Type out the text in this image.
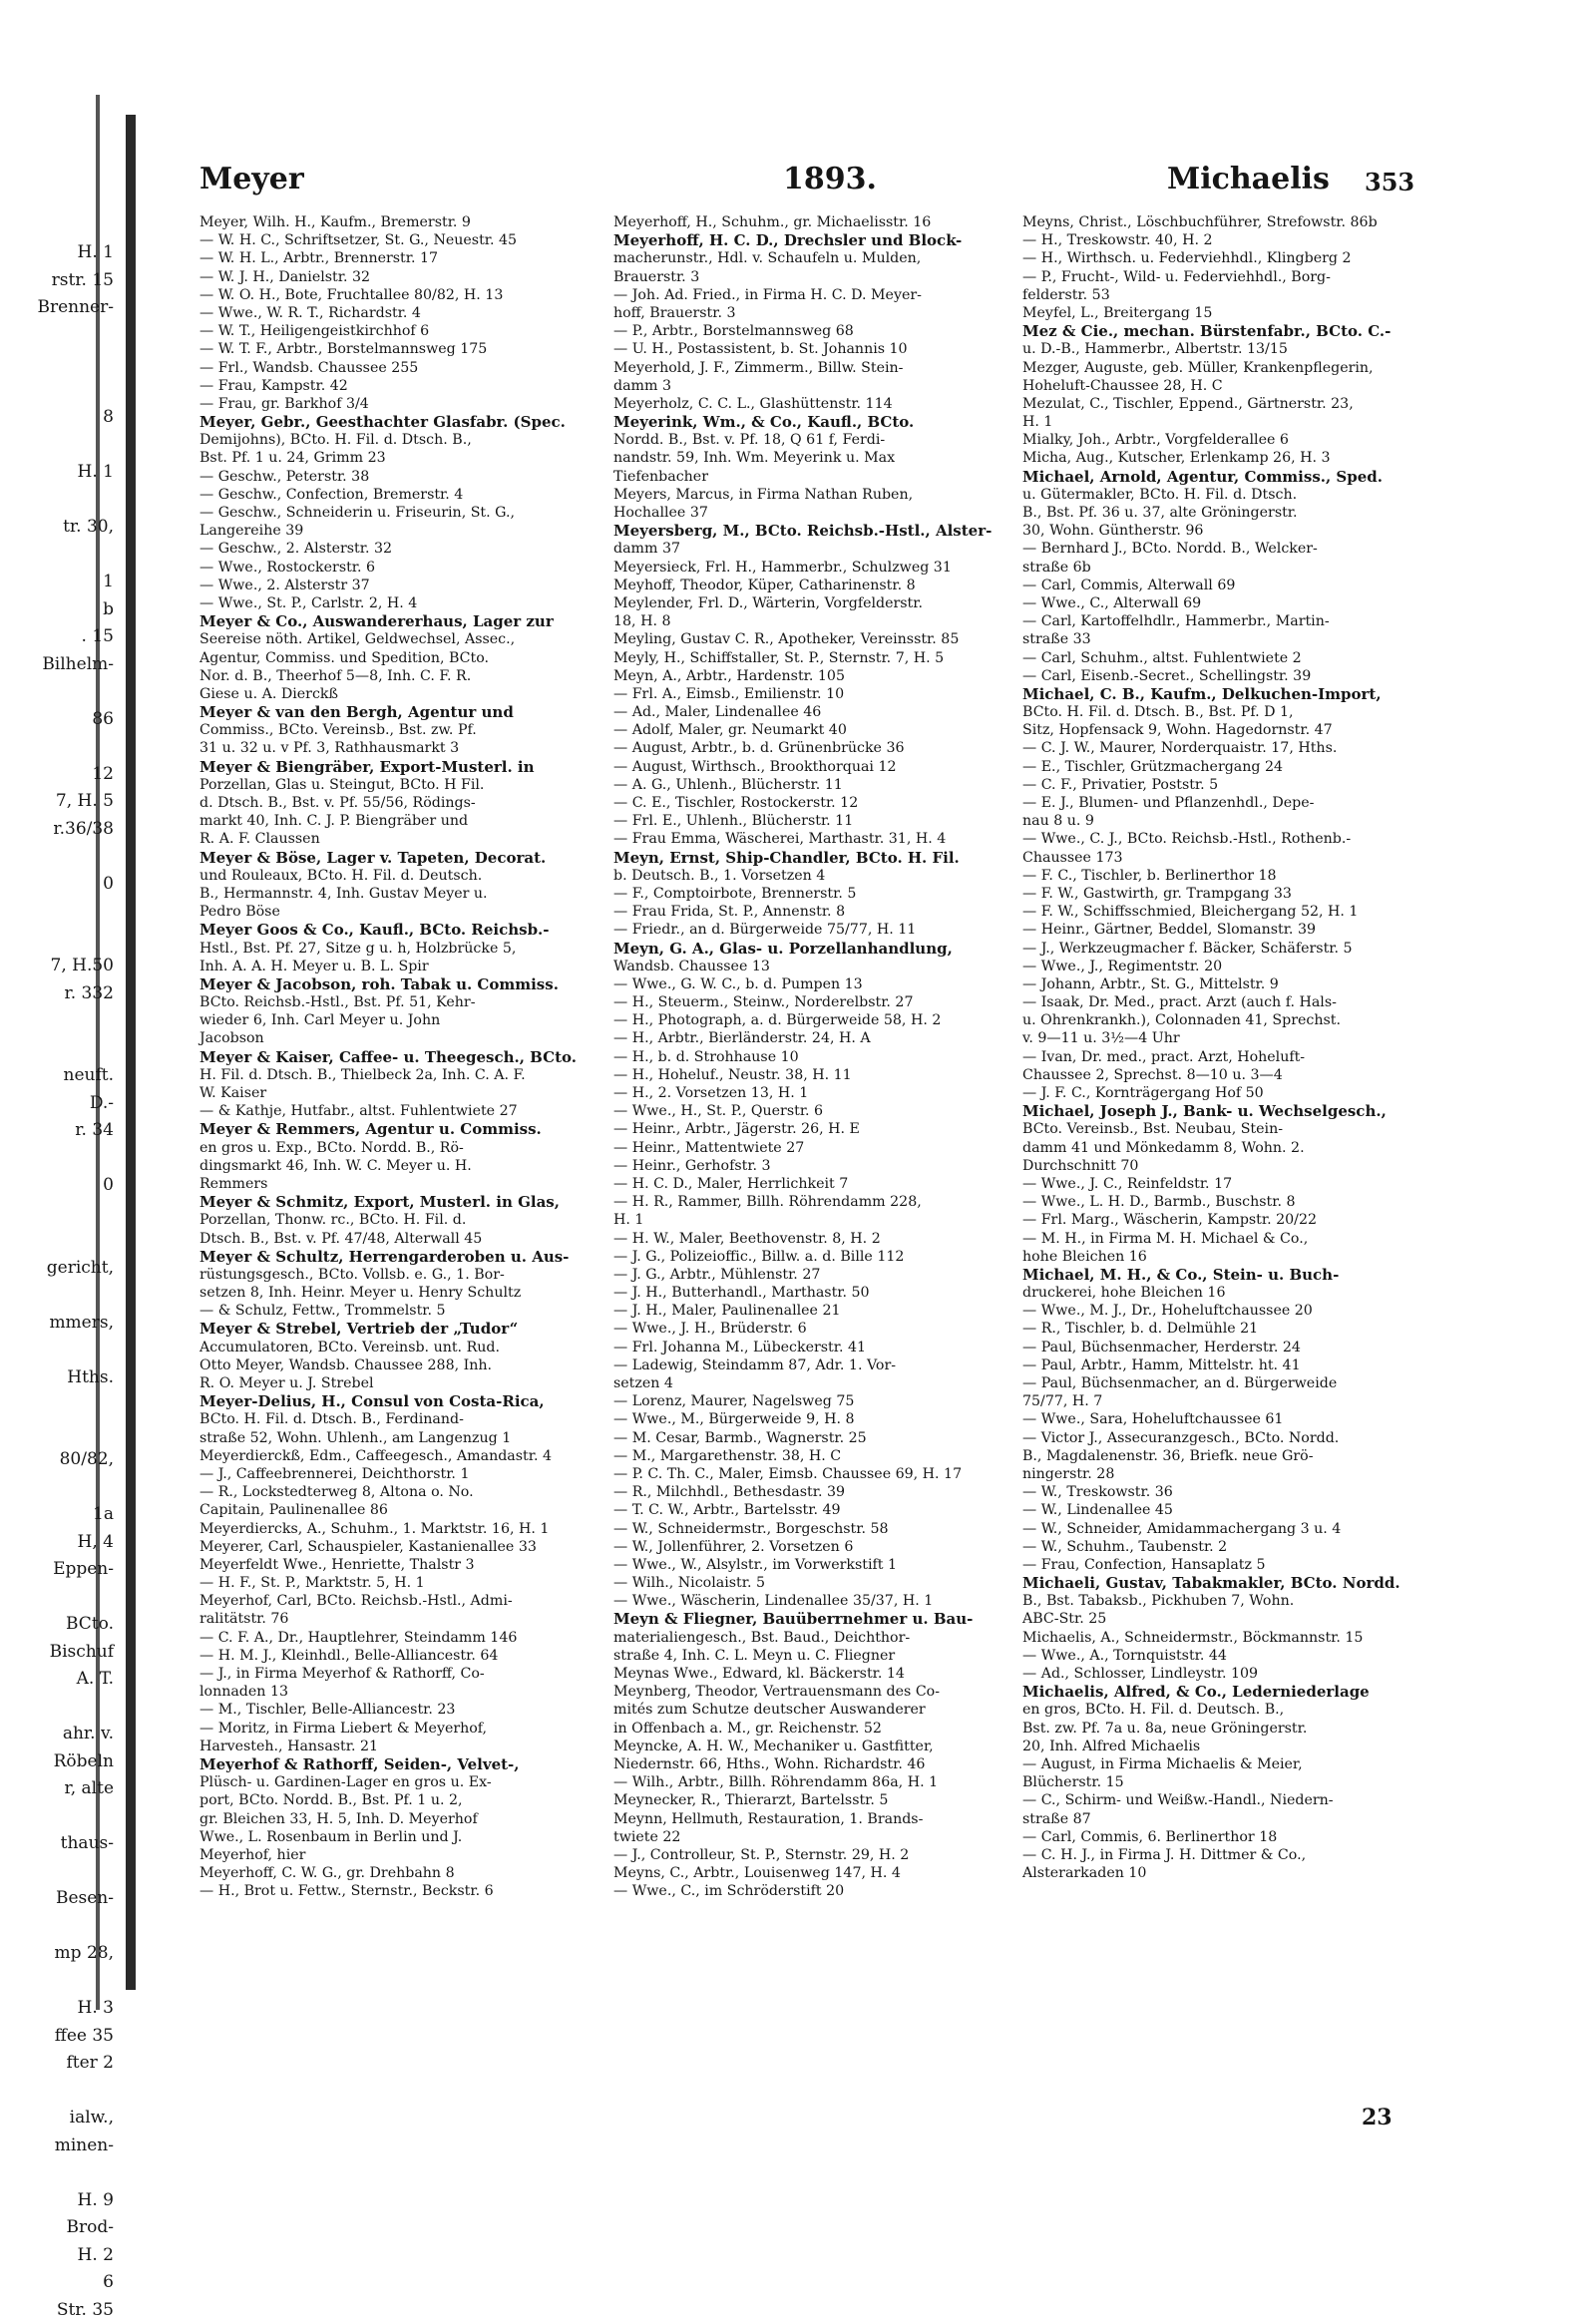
H. 1
rstr. 15
Brenner-
8
H. 1
tr. 30,
1
b
. 15
Bilhelm-
86
12
7, H. 5
r.36/38
0
7, H.50
r. 332
neuft.
D.-
r. 34
0
gericht,
mmers,
Hths.
80/82,
1a
H, 4
Eppen-
BCto.
Bischuf
A. T.
ahr. v.
Röbeln
r, alte
thaus-
Besen-
mp 28,
H. 3
ffee 35
fter 2
ialw.,
minen-
H. 9
Brod-
H. 2
6
Str. 35
Meyer	1893.	Michaelis 353
Meyer, Wilh. H., Kaufm., Bremerstr. 9
— W. H. C., Schriftsetzer, St. G., Neuestr. 45
— W. H. L., Arbtr., Brennerstr. 17
— W. J. H., Danielstr. 32
— W. O. H., Bote, Fruchtallee 80/82, H. 13
— Wwe., W. R. T., Richardstr. 4
— W. T., Heiligengeistkirchhof 6
— W. T. F., Arbtr., Borstelmannsweg 175
— Frl., Wandsb. Chaussee 255
— Frau, Kampstr. 42
— Frau, gr. Barkhof 3/4
Meyer, Gebr., Geesthachter Glasfabr. (Spec.
Demijohns), BCto. H. Fil. d. Dtsch. B.,
Bst. Pf. 1 u. 24, Grimm 23
— Geschw., Peterstr. 38
— Geschw., Confection, Bremerstr. 4
— Geschw., Schneiderin u. Friseurin, St. G.,
Langereihe 39
— Geschw., 2. Alsterstr. 32
— Wwe., Rostockerstr. 6
— Wwe., 2. Alsterstr 37
— Wwe., St. P., Carlstr. 2, H. 4
Meyer & Co., Auswandererhaus, Lager zur
Seereise nöth. Artikel, Geldwechsel, Assec.,
Agentur, Commiss. und Spedition, BCto.
Nor. d. B., Theerhof 5—8, Inh. C. F. R.
Giese u. A. Dierckß
Meyer & van den Bergh, Agentur und
Commiss., BCto. Vereinsb., Bst. zw. Pf.
31 u. 32 u. v Pf. 3, Rathhausmarkt 3
Meyer & Biengräber, Export-Musterl. in
Porzellan, Glas u. Steingut, BCto. H Fil.
d. Dtsch. B., Bst. v. Pf. 55/56, Rödings-
markt 40, Inh. C. J. P. Biengräber und
R. A. F. Claussen
Meyer & Böse, Lager v. Tapeten, Decorat.
und Rouleaux, BCto. H. Fil. d. Deutsch.
B., Hermannstr. 4, Inh. Gustav Meyer u.
Pedro Böse
Meyer Goos & Co., Kaufl., BCto. Reichsb.-
Hstl., Bst. Pf. 27, Sitze g u. h, Holzbrücke 5,
Inh. A. A. H. Meyer u. B. L. Spir
Meyer & Jacobson, roh. Tabak u. Commiss.
BCto. Reichsb.-Hstl., Bst. Pf. 51, Kehr-
wieder 6, Inh. Carl Meyer u. John
Jacobson
Meyer & Kaiser, Caffee- u. Theegesch., BCto.
H. Fil. d. Dtsch. B., Thielbeck 2a, Inh. C. A. F.
W. Kaiser
— & Kathje, Hutfabr., altst. Fuhlentwiete 27
Meyer & Remmers, Agentur u. Commiss.
en gros u. Exp., BCto. Nordd. B., Rö-
dingsmarkt 46, Inh. W. C. Meyer u. H.
Remmers
Meyer & Schmitz, Export, Musterl. in Glas,
Porzellan, Thonw. rc., BCto. H. Fil. d.
Dtsch. B., Bst. v. Pf. 47/48, Alterwall 45
Meyer & Schultz, Herrengarderoben u. Aus-
rüstungsgesch., BCto. Vollsb. e. G., 1. Bor-
setzen 8, Inh. Heinr. Meyer u. Henry Schultz
— & Schulz, Fettw., Trommelstr. 5
Meyer & Strebel, Vertrieb der „Tudor“
Accumulatoren, BCto. Vereinsb. unt. Rud.
Otto Meyer, Wandsb. Chaussee 288, Inh.
R. O. Meyer u. J. Strebel
Meyer-Delius, H., Consul von Costa-Rica,
BCto. H. Fil. d. Dtsch. B., Ferdinand-
straße 52, Wohn. Uhlenh., am Langenzug 1
Meyerdierckß, Edm., Caffeegesch., Amandastr. 4
— J., Caffeebrennerei, Deichthorstr. 1
— R., Lockstedterweg 8, Altona o. No.
Capitain, Paulinenallee 86
Meyerdiercks, A., Schuhm., 1. Marktstr. 16, H. 1
Meyerer, Carl, Schauspieler, Kastanienallee 33
Meyerfeldt Wwe., Henriette, Thalstr 3
— H. F., St. P., Marktstr. 5, H. 1
Meyerhof, Carl, BCto. Reichsb.-Hstl., Admi-
ralitätstr. 76
— C. F. A., Dr., Hauptlehrer, Steindamm 146
— H. M. J., Kleinhdl., Belle-Alliancestr. 64
— J., in Firma Meyerhof & Rathorff, Co-
lonnaden 13
— M., Tischler, Belle-Alliancestr. 23
— Moritz, in Firma Liebert & Meyerhof,
Harvesteh., Hansastr. 21
Meyerhof & Rathorff, Seiden-, Velvet-,
Plüsch- u. Gardinen-Lager en gros u. Ex-
port, BCto. Nordd. B., Bst. Pf. 1 u. 2,
gr. Bleichen 33, H. 5, Inh. D. Meyerhof
Wwe., L. Rosenbaum in Berlin und J.
Meyerhof, hier
Meyerhoff, C. W. G., gr. Drehbahn 8
— H., Brot u. Fettw., Sternstr., Beckstr. 6
Meyerhoff, H., Schuhm., gr. Michaelisstr. 16
Meyerhoff, H. C. D., Drechsler und Block-
macherunstr., Hdl. v. Schaufeln u. Mulden,
Brauerstr. 3
— Joh. Ad. Fried., in Firma H. C. D. Meyer-
hoff, Brauerstr. 3
— P., Arbtr., Borstelmannsweg 68
— U. H., Postassistent, b. St. Johannis 10
Meyerhold, J. F., Zimmerm., Billw. Stein-
damm 3
Meyerholz, C. C. L., Glashüttenstr. 114
Meyerink, Wm., & Co., Kaufl., BCto.
Nordd. B., Bst. v. Pf. 18, Q 61 f, Ferdi-
nandstr. 59, Inh. Wm. Meyerink u. Max
Tiefenbacher
Meyers, Marcus, in Firma Nathan Ruben,
Hochallee 37
Meyersberg, M., BCto. Reichsb.-Hstl., Alster-
damm 37
Meyersieck, Frl. H., Hammerbr., Schulzweg 31
Meyhoff, Theodor, Küper, Catharinenstr. 8
Meylender, Frl. D., Wärterin, Vorgfelderstr.
18, H. 8
Meyling, Gustav C. R., Apotheker, Vereinsstr. 85
Meyly, H., Schiffstaller, St. P., Sternstr. 7, H. 5
Meyn, A., Arbtr., Hardenstr. 105
— Frl. A., Eimsb., Emilienstr. 10
— Ad., Maler, Lindenallee 46
— Adolf, Maler, gr. Neumarkt 40
— August, Arbtr., b. d. Grünenbrücke 36
— August, Wirthsch., Brookthorquai 12
— A. G., Uhlenh., Blücherstr. 11
— C. E., Tischler, Rostockerstr. 12
— Frl. E., Uhlenh., Blücherstr. 11
— Frau Emma, Wäscherei, Marthastr. 31, H. 4
Meyn, Ernst, Ship-Chandler, BCto. H. Fil.
b. Deutsch. B., 1. Vorsetzen 4
— F., Comptoirbote, Brennerstr. 5
— Frau Frida, St. P., Annenstr. 8
— Friedr., an d. Bürgerweide 75/77, H. 11
Meyn, G. A., Glas- u. Porzellanhandlung,
Wandsb. Chaussee 13
— Wwe., G. W. C., b. d. Pumpen 13
— H., Steuerm., Steinw., Norderelbstr. 27
— H., Photograph, a. d. Bürgerweide 58, H. 2
— H., Arbtr., Bierländerstr. 24, H. A
— H., b. d. Strohhause 10
— H., Hoheluf., Neustr. 38, H. 11
— H., 2. Vorsetzen 13, H. 1
— Wwe., H., St. P., Querstr. 6
— Heinr., Arbtr., Jägerstr. 26, H. E
— Heinr., Mattentwiete 27
— Heinr., Gerhofstr. 3
— H. C. D., Maler, Herrlichkeit 7
— H. R., Rammer, Billh. Röhrendamm 228,
H. 1
— H. W., Maler, Beethovenstr. 8, H. 2
— J. G., Polizeioffic., Billw. a. d. Bille 112
— J. G., Arbtr., Mühlenstr. 27
— J. H., Butterhandl., Marthastr. 50
— J. H., Maler, Paulinenallee 21
— Wwe., J. H., Brüderstr. 6
— Frl. Johanna M., Lübeckerstr. 41
— Ladewig, Steindamm 87, Adr. 1. Vor-
setzen 4
— Lorenz, Maurer, Nagelsweg 75
— Wwe., M., Bürgerweide 9, H. 8
— M. Cesar, Barmb., Wagnerstr. 25
— M., Margarethenstr. 38, H. C
— P. C. Th. C., Maler, Eimsb. Chaussee 69, H. 17
— R., Milchhdl., Bethesdastr. 39
— T. C. W., Arbtr., Bartelsstr. 49
— W., Schneidermstr., Borgeschstr. 58
— W., Jollenführer, 2. Vorsetzen 6
— Wwe., W., Alsylstr., im Vorwerkstift 1
— Wilh., Nicolaistr. 5
— Wwe., Wäscherin, Lindenallee 35/37, H. 1
Meyn & Fliegner, Bauüberrnehmer u. Bau-
materialiengesch., Bst. Baud., Deichthor-
straße 4, Inh. C. L. Meyn u. C. Fliegner
Meynas Wwe., Edward, kl. Bäckerstr. 14
Meynberg, Theodor, Vertrauensmann des Co-
mités zum Schutze deutscher Auswanderer
in Offenbach a. M., gr. Reichenstr. 52
Meyncke, A. H. W., Mechaniker u. Gastfitter,
Niedernstr. 66, Hths., Wohn. Richardstr. 46
— Wilh., Arbtr., Billh. Röhrendamm 86a, H. 1
Meynecker, R., Thierarzt, Bartelsstr. 5
Meynn, Hellmuth, Restauration, 1. Brands-
twiete 22
— J., Controlleur, St. P., Sternstr. 29, H. 2
Meyns, C., Arbtr., Louisenweg 147, H. 4
— Wwe., C., im Schröderstift 20
Meyns, Christ., Löschbuchführer, Strefowstr. 86b
— H., Treskowstr. 40, H. 2
— H., Wirthsch. u. Federviehhdl., Klingberg 2
— P., Frucht-, Wild- u. Federviehhdl., Borg-
felderstr. 53
Meyfel, L., Breitergang 15
Mez & Cie., mechan. Bürstenfabr., BCto. C.-
u. D.-B., Hammerbr., Albertstr. 13/15
Mezger, Auguste, geb. Müller, Krankenpflegerin,
Hoheluft-Chaussee 28, H. C
Mezulat, C., Tischler, Eppend., Gärtnerstr. 23,
H. 1
Mialky, Joh., Arbtr., Vorgfelderallee 6
Micha, Aug., Kutscher, Erlenkamp 26, H. 3
Michael, Arnold, Agentur, Commiss., Sped.
u. Gütermakler, BCto. H. Fil. d. Dtsch.
B., Bst. Pf. 36 u. 37, alte Gröningerstr.
30, Wohn. Güntherstr. 96
— Bernhard J., BCto. Nordd. B., Welcker-
straße 6b
— Carl, Commis, Alterwall 69
— Wwe., C., Alterwall 69
— Carl, Kartoffelhdlr., Hammerbr., Martin-
straße 33
— Carl, Schuhm., altst. Fuhlentwiete 2
— Carl, Eisenb.-Secret., Schellingstr. 39
Michael, C. B., Kaufm., Delkuchen-Import,
BCto. H. Fil. d. Dtsch. B., Bst. Pf. D 1,
Sitz, Hopfensack 9, Wohn. Hagedornstr. 47
— C. J. W., Maurer, Norderquaistr. 17, Hths.
— E., Tischler, Grützmachergang 24
— C. F., Privatier, Poststr. 5
— E. J., Blumen- und Pflanzenhdl., Depe-
nau 8 u. 9
— Wwe., C. J., BCto. Reichsb.-Hstl., Rothenb.-
Chaussee 173
— F. C., Tischler, b. Berlinerthor 18
— F. W., Gastwirth, gr. Trampgang 33
— F. W., Schiffsschmied, Bleichergang 52, H. 1
— Heinr., Gärtner, Beddel, Slomanstr. 39
— J., Werkzeugmacher f. Bäcker, Schäferstr. 5
— Wwe., J., Regimentstr. 20
— Johann, Arbtr., St. G., Mittelstr. 9
— Isaak, Dr. Med., pract. Arzt (auch f. Hals-
u. Ohrenkrankh.), Colonnaden 41, Sprechst.
v. 9—11 u. 3½—4 Uhr
— Ivan, Dr. med., pract. Arzt, Hoheluft-
Chaussee 2, Sprechst. 8—10 u. 3—4
— J. F. C., Kornträgergang Hof 50
Michael, Joseph J., Bank- u. Wechselgesch.,
BCto. Vereinsb., Bst. Neubau, Stein-
damm 41 und Mönkedamm 8, Wohn. 2.
Durchschnitt 70
— Wwe., J. C., Reinfeldstr. 17
— Wwe., L. H. D., Barmb., Buschstr. 8
— Frl. Marg., Wäscherin, Kampstr. 20/22
— M. H., in Firma M. H. Michael & Co.,
hohe Bleichen 16
Michael, M. H., & Co., Stein- u. Buch-
druckerei, hohe Bleichen 16
— Wwe., M. J., Dr., Hoheluftchaussee 20
— R., Tischler, b. d. Delmühle 21
— Paul, Büchsenmacher, Herderstr. 24
— Paul, Arbtr., Hamm, Mittelstr. ht. 41
— Paul, Büchsenmacher, an d. Bürgerweide
75/77, H. 7
— Wwe., Sara, Hoheluftchaussee 61
— Victor J., Assecuranzgesch., BCto. Nordd.
B., Magdalenenstr. 36, Briefk. neue Grö-
ningerstr. 28
— W., Treskowstr. 36
— W., Lindenallee 45
— W., Schneider, Amidammachergang 3 u. 4
— W., Schuhm., Taubenstr. 2
— Frau, Confection, Hansaplatz 5
Michaeli, Gustav, Tabakmakler, BCto. Nordd.
B., Bst. Tabaksb., Pickhuben 7, Wohn.
ABC-Str. 25
Michaelis, A., Schneidermstr., Böckmannstr. 15
— Wwe., A., Tornquiststr. 44
— Ad., Schlosser, Lindleystr. 109
Michaelis, Alfred, & Co., Lederniederlage
en gros, BCto. H. Fil. d. Deutsch. B.,
Bst. zw. Pf. 7a u. 8a, neue Gröningerstr.
20, Inh. Alfred Michaelis
— August, in Firma Michaelis & Meier,
Blücherstr. 15
— C., Schirm- und Weißw.-Handl., Niedern-
straße 87
— Carl, Commis, 6. Berlinerthor 18
— C. H. J., in Firma J. H. Dittmer & Co.,
Alsterarkaden 10
23
